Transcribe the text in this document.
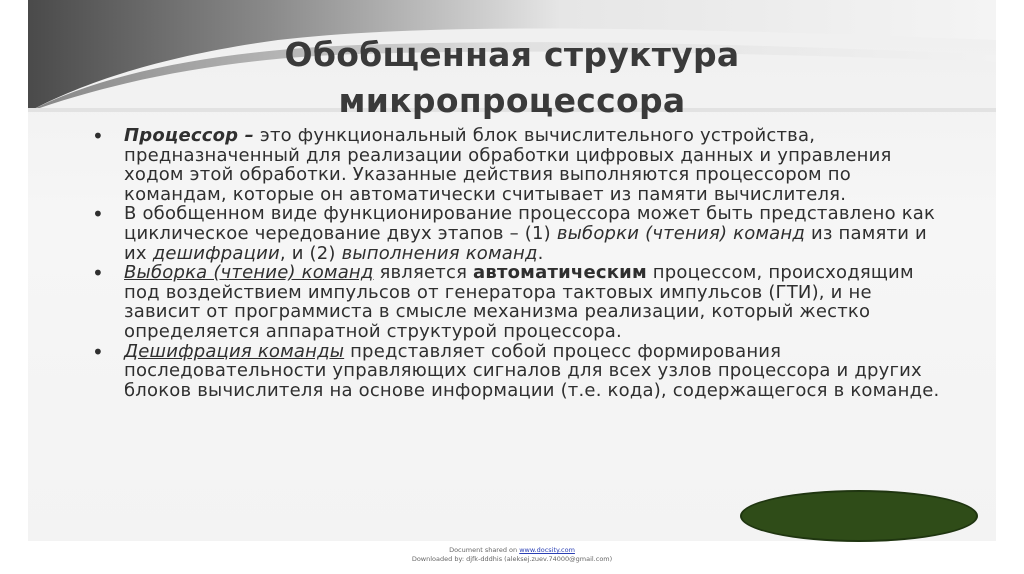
Обобщенная структура
микропроцессора
• Процессор – это функциональный блок вычислительного устройства, предназначенный для реализации обработки цифровых данных и управления ходом этой обработки. Указанные действия выполняются процессором по командам, которые он автоматически считывает из памяти вычислителя.
• В обобщенном виде функционирование процессора может быть представлено как циклическое чередование двух этапов – (1) выборки (чтения) команд из памяти и их дешифрации, и (2) выполнения команд.
• Выборка (чтение) команд является автоматическим процессом, происходящим под воздействием импульсов от генератора тактовых импульсов (ГТИ), и не зависит от программиста в смысле механизма реализации, который жестко определяется аппаратной структурой процессора.
• Дешифрация команды представляет собой процесс формирования последовательности управляющих сигналов для всех узлов процессора и других блоков вычислителя на основе информации (т.е. кода), содержащегося в команде.
Document shared on www.docsity.com
Downloaded by: djfk-dddhis (aleksej.zuev.74000@gmail.com)
